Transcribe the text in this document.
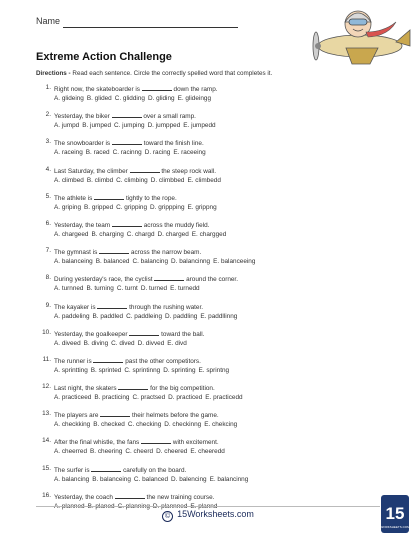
Name
Extreme Action Challenge
Directions - Read each sentence. Circle the correctly spelled word that completes it.
1. Right now, the skateboarder is	down the ramp.
A. glideing B. glided C. glidding D. gliding E. glideingg
2. Yesterday, the biker	over a small ramp.
A. jumpd B. jumped C. jumping D. jumpped E. jumpedd
3. The snowboarder is	toward the finish line.
A. raceing B. raced C. racinng D. racing E. raceeing
4. Last Saturday, the climber	the steep rock wall.
A. climbed B. climbd C. climbing D. climbbed E. climbedd
5. The athlete is	tightly to the rope.
A. griping B. gripped C. gripping D. grippping E. grippng
6. Yesterday, the team	across the muddy field.
A. chargeed B. charging C. chargd D. charged E. chargged
7. The gymnast is	across the narrow beam.
A. balanceing B. balanced C. balancing D. balancinng E. balanceeing
8. During yesterday's race, the cyclist	around the corner.
A. turnned B. turning C. turnt D. turned E. turnedd
9. The kayaker is	through the rushing water.
A. paddeling B. paddled C. paddleing D. paddling E. paddllinng
10. Yesterday, the goalkeeper	toward the ball.
A. diveed B. diving C. dived D. divved E. divd
11. The runner is	past the other competitors.
A. sprintting B. sprinted C. sprintinng D. sprinting E. sprintng
12. Last night, the skaters	for the big competition.
A. practiceed B. practicing C. practsed D. practiced E. practicedd
13. The players are	their helmets before the game.
A. checkking B. checked C. checking D. checkinng E. chekcing
14. After the final whistle, the fans	with excitement.
A. cheerred B. cheering C. cheerd D. cheered E. cheeredd
15. The surfer is	carefully on the board.
A. balancing B. balanceing C. balanced D. balencing E. balancinng
16. Yesterday, the coach	the new training course.
A. planned B. planed C. planning D. plannned E. plannd
© 15Worksheets.com	15
WORKSHEETS.COM
